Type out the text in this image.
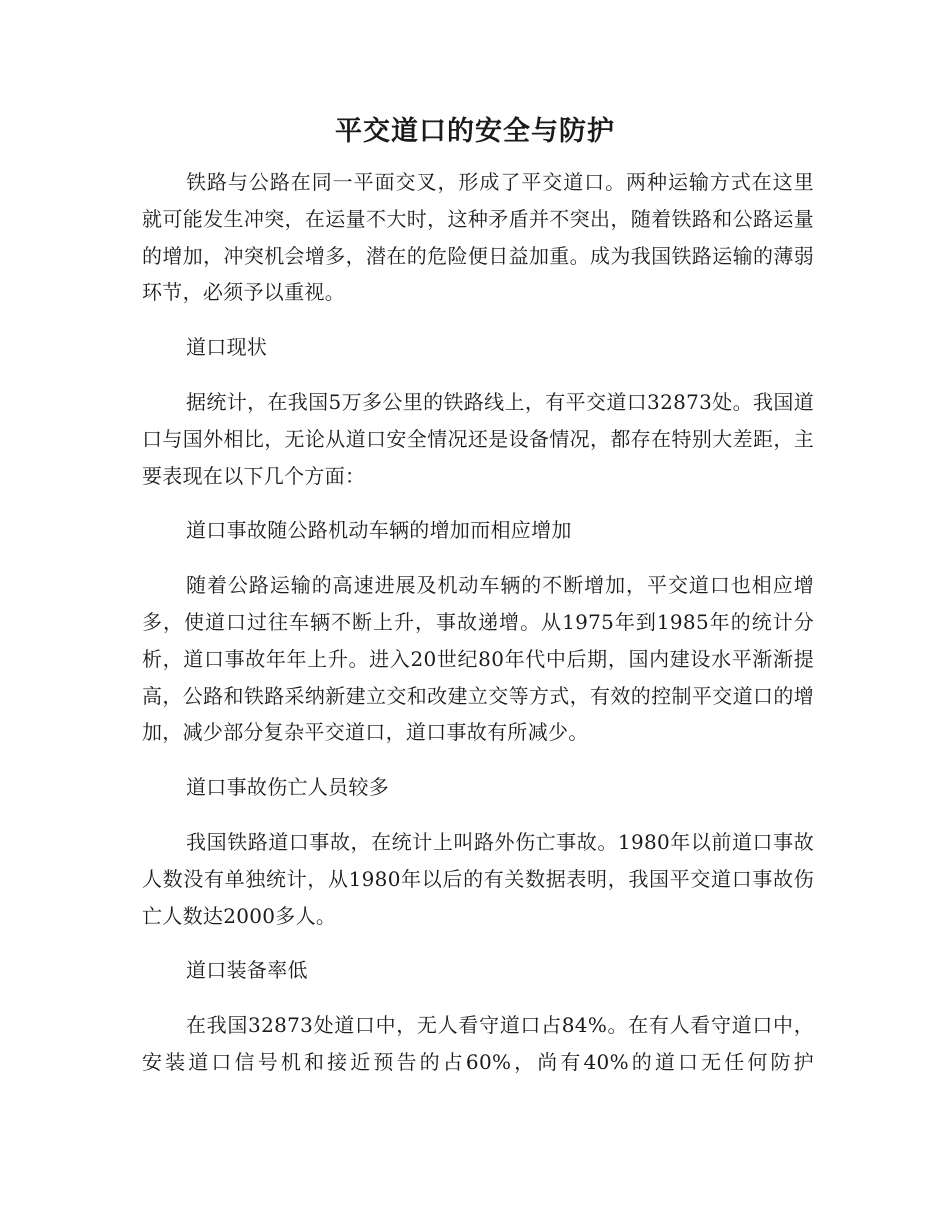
平交道口的安全与防护

铁路与公路在同一平面交叉，形成了平交道口。两种运输方式在这里就可能发生冲突，在运量不大时，这种矛盾并不突出，随着铁路和公路运量的增加，冲突机会增多，潜在的危险便日益加重。成为我国铁路运输的薄弱环节，必须予以重视。

道口现状

据统计，在我国5万多公里的铁路线上，有平交道口32873处。我国道口与国外相比，无论从道口安全情况还是设备情况，都存在特别大差距，主要表现在以下几个方面：

道口事故随公路机动车辆的增加而相应增加

随着公路运输的高速进展及机动车辆的不断增加，平交道口也相应增多，使道口过往车辆不断上升，事故递增。从1975年到1985年的统计分析，道口事故年年上升。进入20世纪80年代中后期，国内建设水平渐渐提高，公路和铁路采纳新建立交和改建立交等方式，有效的控制平交道口的增加，减少部分复杂平交道口，道口事故有所减少。

道口事故伤亡人员较多

我国铁路道口事故，在统计上叫路外伤亡事故。1980年以前道口事故人数没有单独统计，从1980年以后的有关数据表明，我国平交道口事故伤亡人数达2000多人。

道口装备率低

在我国32873处道口中，无人看守道口占84%。在有人看守道口中，安装道口信号机和接近预告的占60%，尚有40%的道口无任何防护
